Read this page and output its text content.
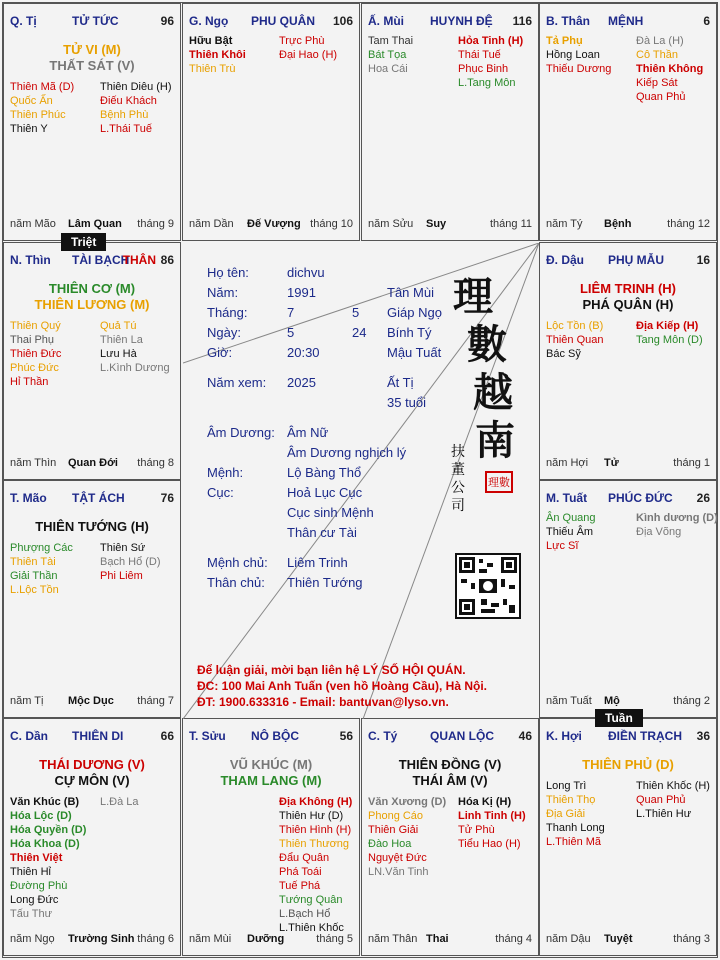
Q. Tị	TỬ TỨC	96
TỬ VI (M)
THẤT SÁT (V)
Thiên Mã (D)
Quốc Ấn
Thiên Phúc
Thiên Y
Thiên Diêu (H)
Điếu Khách
Bệnh Phù
L.Thái Tuế
năm Mão Lâm Quan tháng 9
G. Ngọ PHU QUÂN 106
Hữu Bật
Thiên Khôi
Thiên Trù
Trực Phù
Đại Hao (H)
năm Dần Đế Vượng tháng 10
Ấ. Mùi HUYNH ĐỆ 116
Tam Thai
Bát Tọa
Hoa Cái
Hỏa Tinh (H)
Thái Tuế
Phục Binh
L.Tang Môn
năm Sửu Suy	tháng 11
B. Thân MỆNH	6
Tả Phụ
Hồng Loan
Thiếu Dương
Đà La (H)
Cô Thần
Thiên Không
Kiếp Sát
Quan Phủ
năm Tý Bệnh	tháng 12
N. Thìn TÀI BẠCH
THÂN 86
THIÊN CƠ (M)
THIÊN LƯƠNG (M)
Thiên Quý
Thai Phụ
Thiên Đức
Phúc Đức
Hỉ Thần
Quả Tú
Thiên La
Lưu Hà
L.Kình Dương
năm Thìn Quan Đới tháng 8
Đ. Dậu PHỤ MẪU	16
LIÊM TRINH (H)
PHÁ QUÂN (H)
Lộc Tồn (B)
Thiên Quan
Bác Sỹ
Địa Kiếp (H)
Tang Môn (D)
năm Hợi Tử	tháng 1
T. Mão TẬT ÁCH	76
THIÊN TƯỚNG (H)
Phượng Các
Thiên Tài
Giải Thần
L.Lộc Tồn
Thiên Sứ
Bạch Hổ (D)
Phi Liêm
năm Tị Mộc Dục tháng 7
M. Tuất PHÚC ĐỨC 26
Ân Quang
Thiếu Âm
Lực Sĩ
Kình dương (D)
Địa Võng
năm Tuất Mộ	tháng 2
C. Dần THIÊN DI	66
THÁI DƯƠNG (V)
CỰ MÔN (V)
Văn Khúc (B)
Hóa Lộc (D)
Hóa Quyền (D)
Hóa Khoa (D)
Thiên Việt
Thiên Hỉ
Đường Phù
Long Đức
Tấu Thư
L.Đà La
năm Ngọ Trường Sinh tháng 6
T. Sửu NÔ BỘC	56
VŨ KHÚC (M)
THAM LANG (M)
Địa Không (H)
Thiên Hư (D)
Thiên Hình (H)
Thiên Thương
Đẩu Quân
Phá Toái
Tuế Phá
Tướng Quân
L.Bạch Hổ
L.Thiên Khốc
năm Mùi Dưỡng	tháng 5
C. Tý	QUAN LỘC 46
THIÊN ĐỒNG (V)
THÁI ÂM (V)
Văn Xương (D)
Phong Cáo
Thiên Giải
Đào Hoa
Nguyệt Đức
LN.Văn Tinh
Hóa Kị (H)
Linh Tinh (H)
Tử Phù
Tiểu Hao (H)
năm Thân Thai	tháng 4
K. Hợi ĐIỀN TRẠCH 36
THIÊN PHỦ (D)
Long Trì
Thiên Thọ
Địa Giải
Thanh Long
L.Thiên Mã
Thiên Khốc (H)
Quan Phủ
L.Thiên Hư
năm Dậu Tuyệt	tháng 3
Họ tên:	dichvu
Năm:	1991	Tân Mùi
Tháng:	7	5 Giáp Ngọ
Ngày:	5	24 Bính Tý
Giờ:	20:30	Mậu Tuất
Năm xem: 2025	Ất Tị
35 tuổi
Âm Dương: Âm Nữ
Âm Dương nghịch lý
Mệnh:	Lộ Bàng Thổ
Cục:	Hoả Lục Cục
Cục sinh Mệnh
Thân cư Tài
Mệnh chủ: Liêm Trinh
Thân chủ: Thiên Tướng
理
數
越
南
扶董公司
理數
Để luận giải, mời bạn liên hệ LÝ SỐ HỘI QUÁN.
ĐC: 100 Mai Anh Tuấn (ven hồ Hoàng Cầu), Hà Nội.
ĐT: 1900.633316 - Email: bantuvan@lyso.vn.
Triệt
Tuần
